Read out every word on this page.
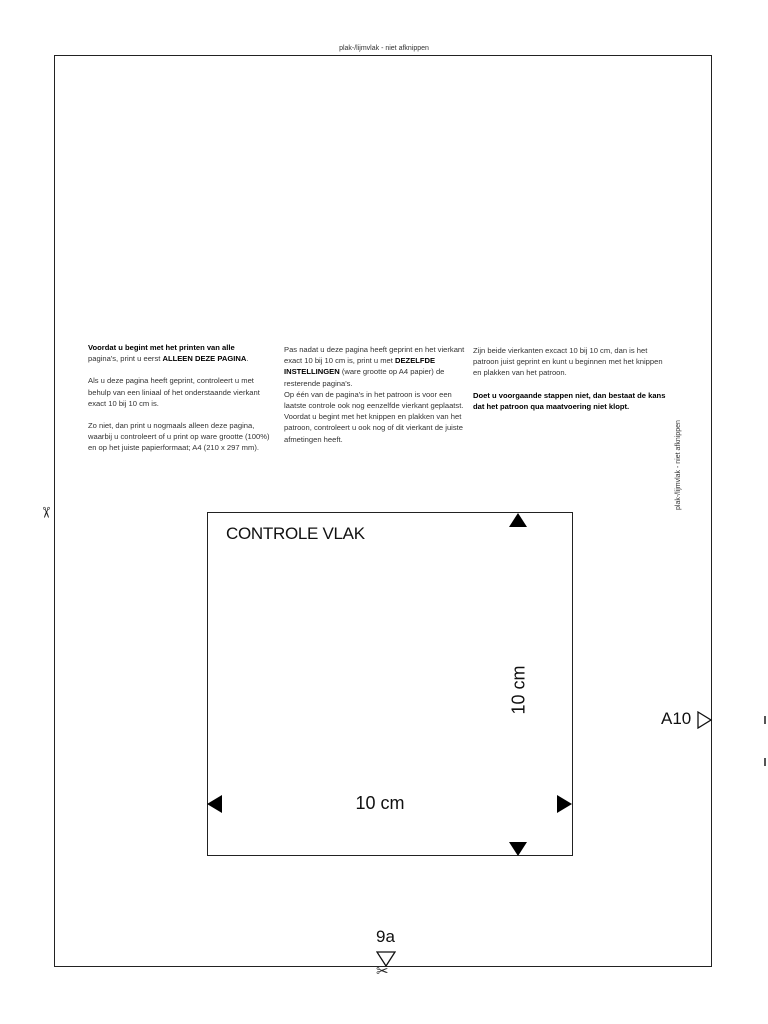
plak-/lijmvlak - niet afknippen
plak-/lijmvlak - niet afknippen

Voordat u begint met het printen van alle
pagina's, print u eerst ALLEEN DEZE PAGINA.

Als u deze pagina heeft geprint, controleert u met behulp van een liniaal of het onderstaande vierkant exact 10 bij 10 cm is.

Zo niet, dan print u nogmaals alleen deze pagina, waarbij u controleert of u print op ware grootte (100%) en op het juiste papierformaat; A4 (210 x 297 mm).

Pas nadat u deze pagina heeft geprint en het vierkant exact 10 bij 10 cm is, print u met DEZELFDE INSTELLINGEN (ware grootte op A4 papier) de resterende pagina's.

Op één van de pagina's in het patroon is voor een laatste controle ook nog eenzelfde vierkant geplaatst.

Voordat u begint met het knippen en plakken van het patroon, controleert u ook nog of dit vierkant de juiste afmetingen heeft.

Zijn beide vierkanten excact 10 bij 10 cm, dan is het patroon juist geprint en kunt u beginnen met het knippen en plakken van het patroon.

Doet u voorgaande stappen niet, dan bestaat de kans dat het patroon qua maatvoering niet klopt.

✂
CONTROLE VLAK
10 cm
10 cm
A10
9a
✂
